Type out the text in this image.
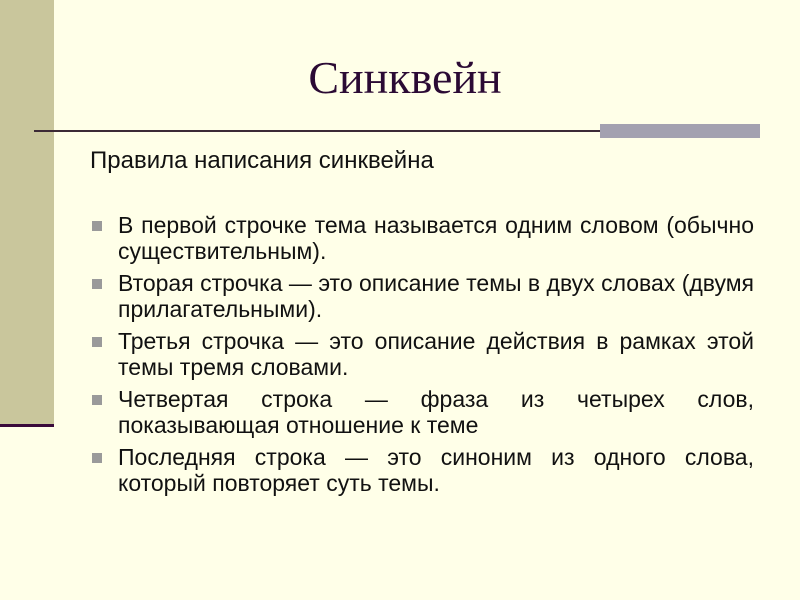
Синквейн
Правила написания синквейна
В первой строчке тема называется одним словом (обычно существительным).
Вторая строчка — это описание темы в двух словах (двумя прилагательными).
Третья строчка — это описание действия в рамках этой темы тремя словами.
Четвертая строка — фраза из четырех слов, показывающая отношение к теме
Последняя строка — это синоним из одного слова, который повторяет суть темы.
